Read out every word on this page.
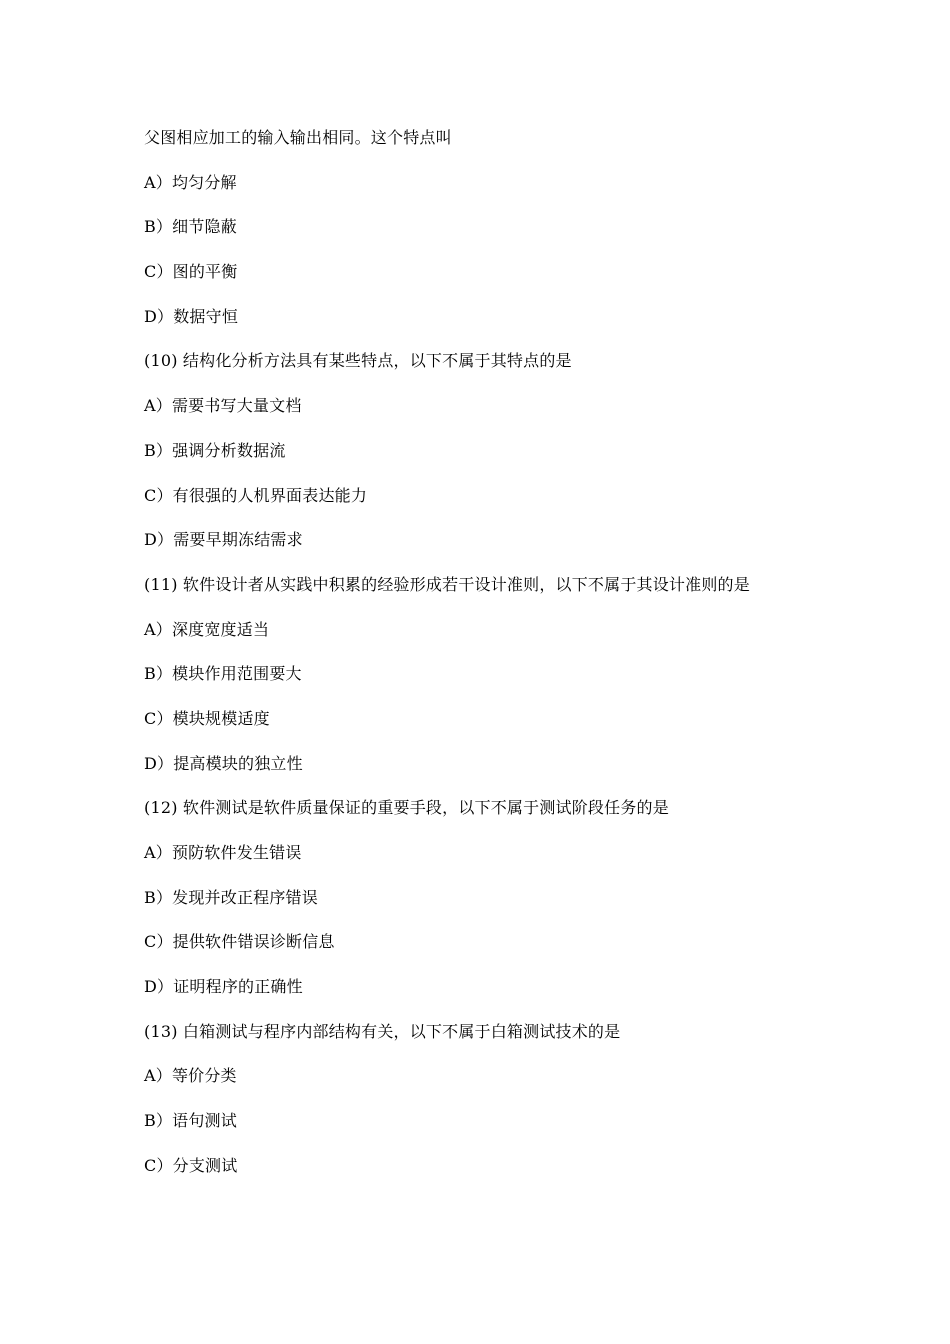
父图相应加工的输入输出相同。这个特点叫
A）均匀分解
B）细节隐蔽
C）图的平衡
D）数据守恒
(10) 结构化分析方法具有某些特点，以下不属于其特点的是
A）需要书写大量文档
B）强调分析数据流
C）有很强的人机界面表达能力
D）需要早期冻结需求
(11) 软件设计者从实践中积累的经验形成若干设计准则，以下不属于其设计准则的是
A）深度宽度适当
B）模块作用范围要大
C）模块规模适度
D）提高模块的独立性
(12) 软件测试是软件质量保证的重要手段，以下不属于测试阶段任务的是
A）预防软件发生错误
B）发现并改正程序错误
C）提供软件错误诊断信息
D）证明程序的正确性
(13) 白箱测试与程序内部结构有关，以下不属于白箱测试技术的是
A）等价分类
B）语句测试
C）分支测试
